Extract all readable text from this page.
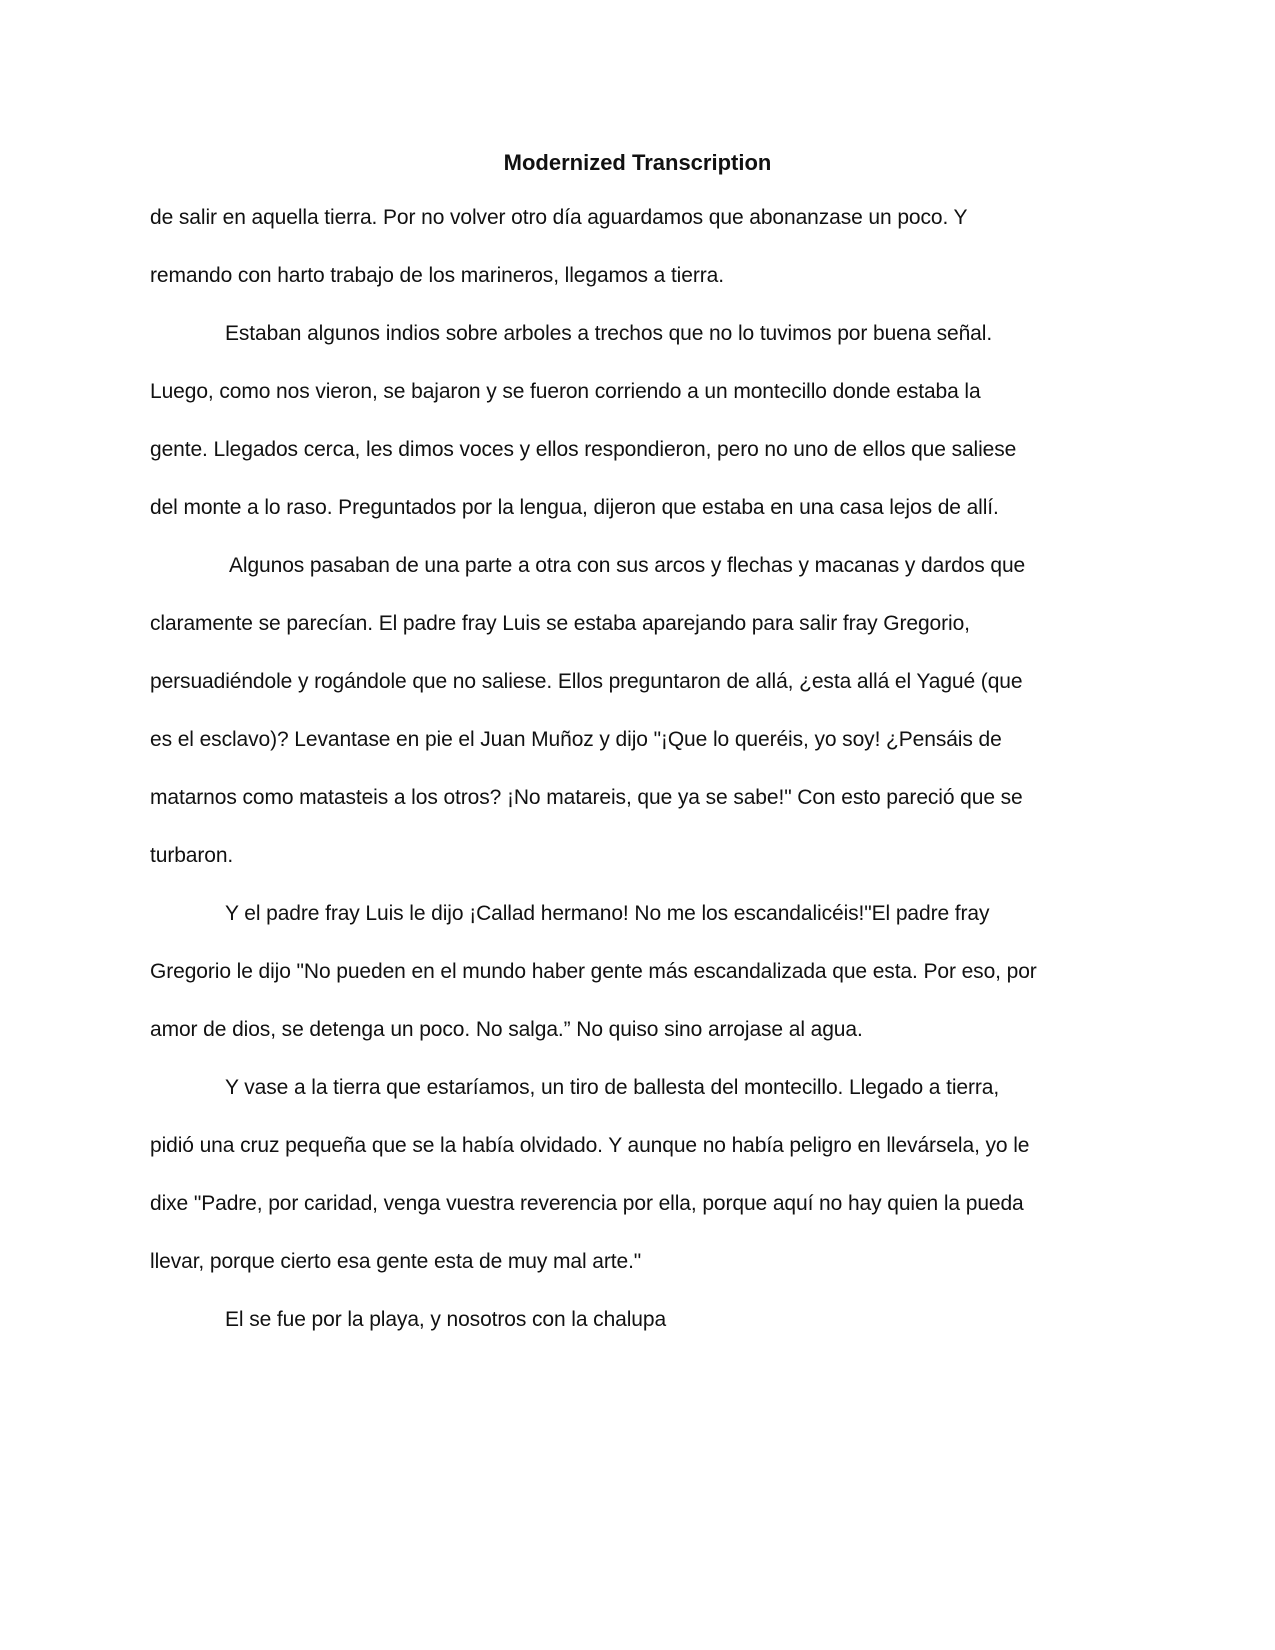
Modernized Transcription
de salir en aquella tierra. Por no volver otro día aguardamos que abonanzase un poco. Y
remando con harto trabajo de los marineros, llegamos a tierra.
Estaban algunos indios sobre arboles a trechos que no lo tuvimos por buena señal.
Luego, como nos vieron, se bajaron y se fueron corriendo a un montecillo donde estaba la
gente. Llegados cerca, les dimos voces y ellos respondieron, pero no uno de ellos que saliese
del monte a lo raso. Preguntados por la lengua, dijeron que estaba en una casa lejos de allí.
Algunos pasaban de una parte a otra con sus arcos y flechas y macanas y dardos que
claramente se parecían. El padre fray Luis se estaba aparejando para salir fray Gregorio,
persuadiéndole y rogándole que no saliese. Ellos preguntaron de allá, ¿esta allá el Yagué (que
es el esclavo)? Levantase en pie el Juan Muñoz y dijo "¡Que lo queréis, yo soy! ¿Pensáis de
matarnos como matasteis a los otros? ¡No matareis, que ya se sabe!" Con esto pareció que se
turbaron.
Y el padre fray Luis le dijo ¡Callad hermano! No me los escandalicéis!"El padre fray
Gregorio le dijo "No pueden en el mundo haber gente más escandalizada que esta. Por eso, por
amor de dios, se detenga un poco. No salga.” No quiso sino arrojase al agua.
Y vase a la tierra que estaríamos, un tiro de ballesta del montecillo. Llegado a tierra,
pidió una cruz pequeña que se la había olvidado. Y aunque no había peligro en llevársela, yo le
dixe "Padre, por caridad, venga vuestra reverencia por ella, porque aquí no hay quien la pueda
llevar, porque cierto esa gente esta de muy mal arte."
El se fue por la playa, y nosotros con la chalupa
